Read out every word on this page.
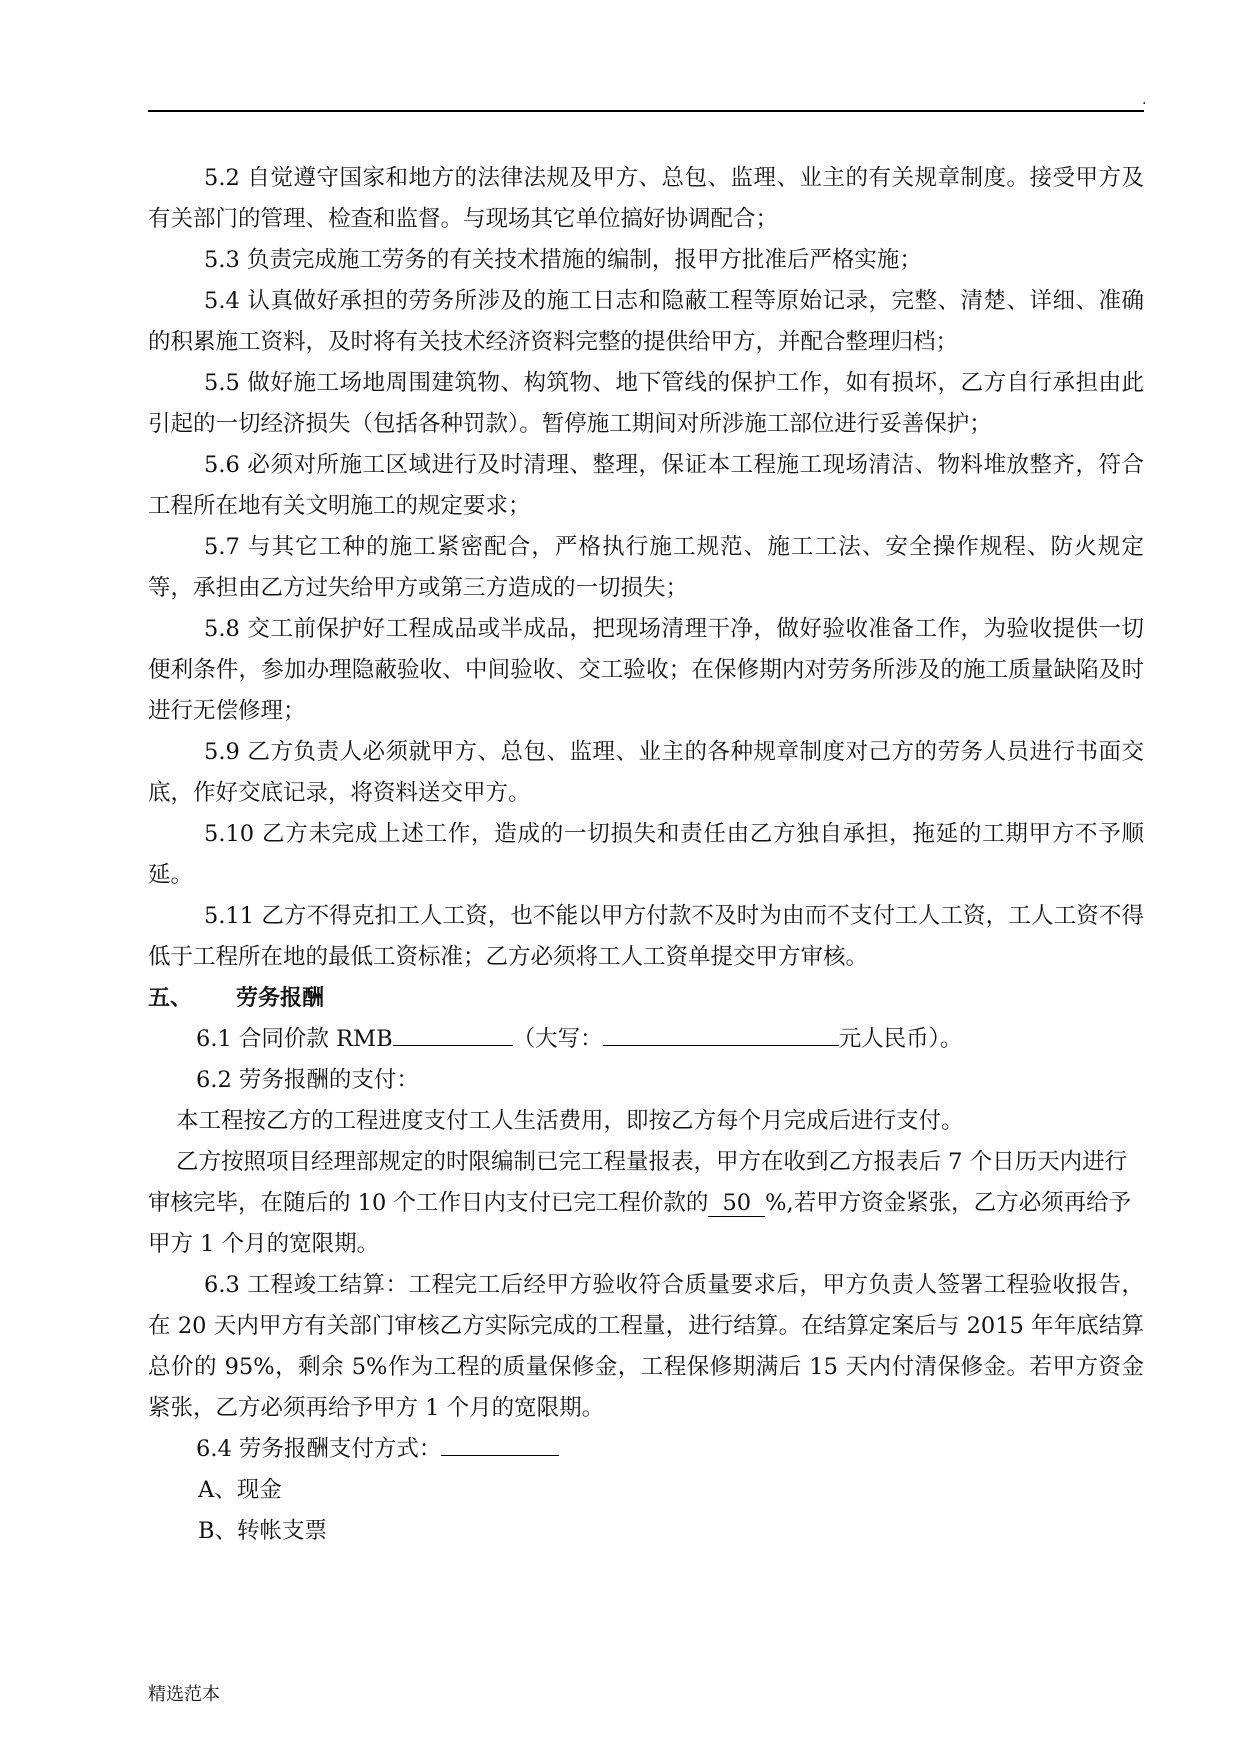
.

5.2 自觉遵守国家和地方的法律法规及甲方、总包、监理、业主的有关规章制度。接受甲方及有关部门的管理、检查和监督。与现场其它单位搞好协调配合；

5.3 负责完成施工劳务的有关技术措施的编制，报甲方批准后严格实施；

5.4 认真做好承担的劳务所涉及的施工日志和隐蔽工程等原始记录，完整、清楚、详细、准确的积累施工资料，及时将有关技术经济资料完整的提供给甲方，并配合整理归档；

5.5 做好施工场地周围建筑物、构筑物、地下管线的保护工作，如有损坏，乙方自行承担由此引起的一切经济损失（包括各种罚款）。暂停施工期间对所涉施工部位进行妥善保护；

5.6 必须对所施工区域进行及时清理、整理，保证本工程施工现场清洁、物料堆放整齐，符合工程所在地有关文明施工的规定要求；

5.7 与其它工种的施工紧密配合，严格执行施工规范、施工工法、安全操作规程、防火规定等，承担由乙方过失给甲方或第三方造成的一切损失；

5.8 交工前保护好工程成品或半成品，把现场清理干净，做好验收准备工作，为验收提供一切便利条件，参加办理隐蔽验收、中间验收、交工验收；在保修期内对劳务所涉及的施工质量缺陷及时进行无偿修理；

5.9 乙方负责人必须就甲方、总包、监理、业主的各种规章制度对己方的劳务人员进行书面交底，作好交底记录，将资料送交甲方。

5.10 乙方未完成上述工作，造成的一切损失和责任由乙方独自承担，拖延的工期甲方不予顺延。

5.11 乙方不得克扣工人工资，也不能以甲方付款不及时为由而不支付工人工资，工人工资不得低于工程所在地的最低工资标准；乙方必须将工人工资单提交甲方审核。

五、 劳务报酬

6.1 合同价款 RMB	（大写：	元人民币）。

6.2 劳务报酬的支付：

本工程按乙方的工程进度支付工人生活费用，即按乙方每个月完成后进行支付。

乙方按照项目经理部规定的时限编制已完工程量报表，甲方在收到乙方报表后 7 个日历天内进行审核完毕，在随后的 10 个工作日内支付已完工程价款的 50 %,若甲方资金紧张，乙方必须再给予甲方 1 个月的宽限期。

6.3 工程竣工结算：工程完工后经甲方验收符合质量要求后，甲方负责人签署工程验收报告，在 20 天内甲方有关部门审核乙方实际完成的工程量，进行结算。在结算定案后与 2015 年年底结算总价的 95%，剩余 5%作为工程的质量保修金，工程保修期满后 15 天内付清保修金。若甲方资金紧张，乙方必须再给予甲方 1 个月的宽限期。

6.4 劳务报酬支付方式：

A、现金

B、转帐支票

精选范本
